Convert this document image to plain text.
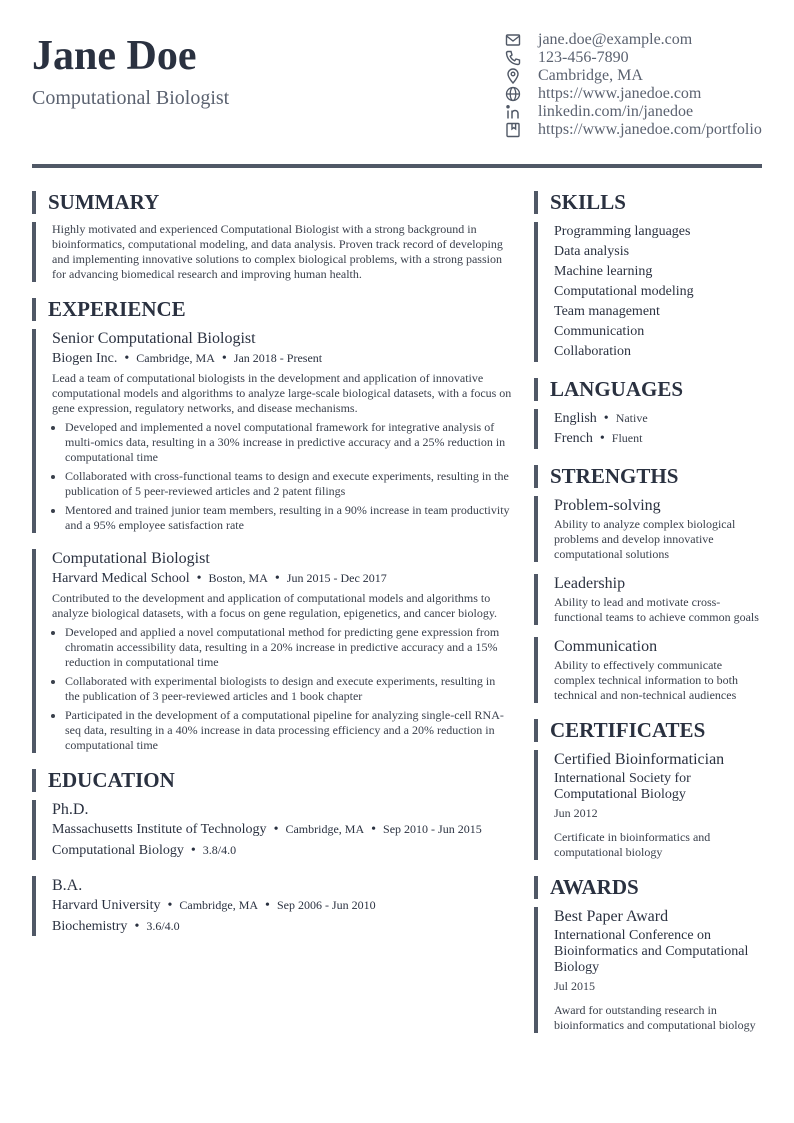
Jane Doe
Computational Biologist
jane.doe@example.com
123-456-7890
Cambridge, MA
https://www.janedoe.com
linkedin.com/in/janedoe
https://www.janedoe.com/portfolio
SUMMARY
Highly motivated and experienced Computational Biologist with a strong background in bioinformatics, computational modeling, and data analysis. Proven track record of developing and implementing innovative solutions to complex biological problems, with a strong passion for advancing biomedical research and improving human health.
EXPERIENCE
Senior Computational Biologist
Biogen Inc. • Cambridge, MA • Jan 2018 - Present
Lead a team of computational biologists in the development and application of innovative computational models and algorithms to analyze large-scale biological datasets, with a focus on gene expression, regulatory networks, and disease mechanisms.
• Developed and implemented a novel computational framework for integrative analysis of multi-omics data, resulting in a 30% increase in predictive accuracy and a 25% reduction in computational time
• Collaborated with cross-functional teams to design and execute experiments, resulting in the publication of 5 peer-reviewed articles and 2 patent filings
• Mentored and trained junior team members, resulting in a 90% increase in team productivity and a 95% employee satisfaction rate
Computational Biologist
Harvard Medical School • Boston, MA • Jun 2015 - Dec 2017
Contributed to the development and application of computational models and algorithms to analyze biological datasets, with a focus on gene regulation, epigenetics, and cancer biology.
• Developed and applied a novel computational method for predicting gene expression from chromatin accessibility data, resulting in a 20% increase in predictive accuracy and a 15% reduction in computational time
• Collaborated with experimental biologists to design and execute experiments, resulting in the publication of 3 peer-reviewed articles and 1 book chapter
• Participated in the development of a computational pipeline for analyzing single-cell RNA-seq data, resulting in a 40% increase in data processing efficiency and a 20% reduction in computational time
EDUCATION
Ph.D.
Massachusetts Institute of Technology • Cambridge, MA • Sep 2010 - Jun 2015
Computational Biology • 3.8/4.0
B.A.
Harvard University • Cambridge, MA • Sep 2006 - Jun 2010
Biochemistry • 3.6/4.0
SKILLS
Programming languages
Data analysis
Machine learning
Computational modeling
Team management
Communication
Collaboration
LANGUAGES
English • Native
French • Fluent
STRENGTHS
Problem-solving
Ability to analyze complex biological problems and develop innovative computational solutions
Leadership
Ability to lead and motivate cross-functional teams to achieve common goals
Communication
Ability to effectively communicate complex technical information to both technical and non-technical audiences
CERTIFICATES
Certified Bioinformatician
International Society for Computational Biology
Jun 2012
Certificate in bioinformatics and computational biology
AWARDS
Best Paper Award
International Conference on Bioinformatics and Computational Biology
Jul 2015
Award for outstanding research in bioinformatics and computational biology
